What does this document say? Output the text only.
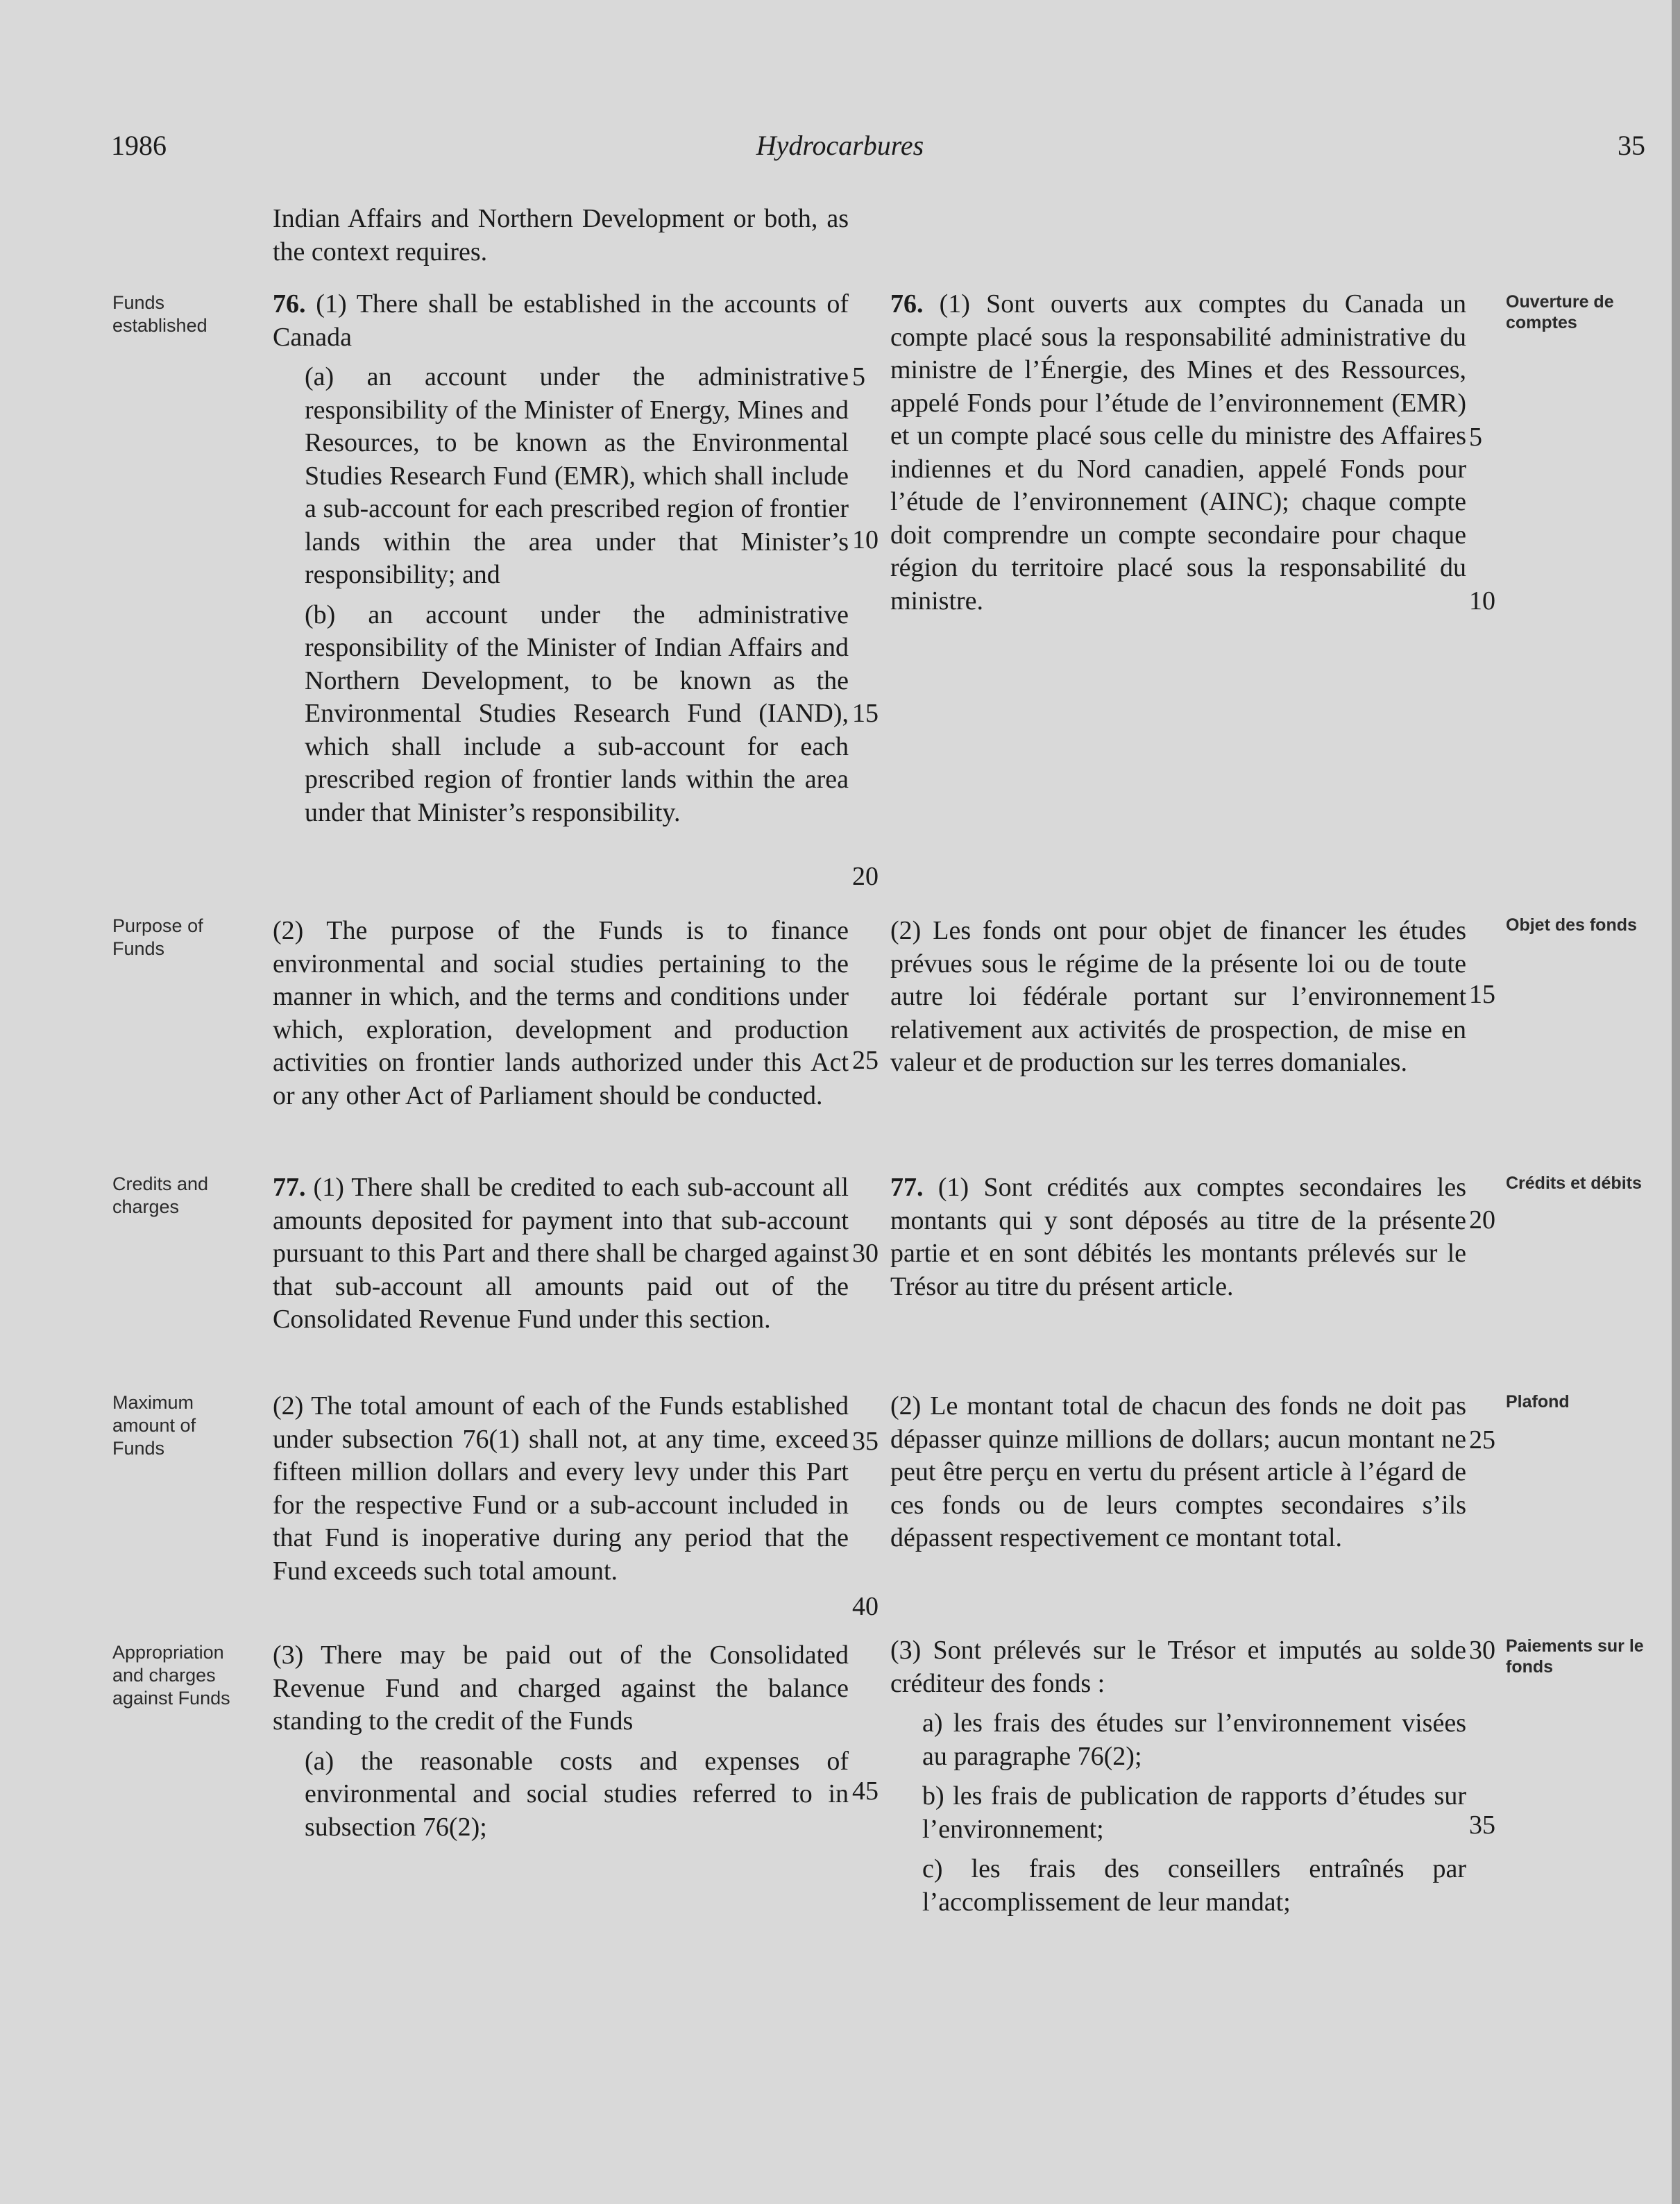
Hydrocarbures
1986	35
Funds established
Purpose of Funds
Credits and charges
Maximum amount of Funds
Appropriation and charges against Funds
Ouverture de comptes
Objet des fonds
Crédits et débits
Plafond
Paiements sur le fonds

Indian Affairs and Northern Development or both, as the context requires.

76. (1) There shall be established in the accounts of Canada

(a) an account under the administrative responsibility of the Minister of Energy, Mines and Resources, to be known as the Environmental Studies Research Fund (EMR), which shall include a sub-account for each prescribed region of frontier lands within the area under that Minister’s responsibility; and

(b) an account under the administrative responsibility of the Minister of Indian Affairs and Northern Development, to be known as the Environmental Studies Research Fund (IAND), which shall include a sub-account for each prescribed region of frontier lands within the area under that Minister’s responsibility.

(2) The purpose of the Funds is to finance environmental and social studies pertaining to the manner in which, and the terms and conditions under which, exploration, development and production activities on frontier lands authorized under this Act or any other Act of Parliament should be conducted.

77. (1) There shall be credited to each sub-account all amounts deposited for payment into that sub-account pursuant to this Part and there shall be charged against that sub-account all amounts paid out of the Consolidated Revenue Fund under this section.

(2) The total amount of each of the Funds established under subsection 76(1) shall not, at any time, exceed fifteen million dollars and every levy under this Part for the respective Fund or a sub-account included in that Fund is inoperative during any period that the Fund exceeds such total amount.

(3) There may be paid out of the Consolidated Revenue Fund and charged against the balance standing to the credit of the Funds

(a) the reasonable costs and expenses of environmental and social studies referred to in subsection 76(2);

76. (1) Sont ouverts aux comptes du Canada un compte placé sous la responsabilité administrative du ministre de l’Énergie, des Mines et des Ressources, appelé Fonds pour l’étude de l’environnement (EMR) et un compte placé sous celle du ministre des Affaires indiennes et du Nord canadien, appelé Fonds pour l’étude de l’environnement (AINC); chaque compte doit comprendre un compte secondaire pour chaque région du territoire placé sous la responsabilité du ministre.

(2) Les fonds ont pour objet de financer les études prévues sous le régime de la présente loi ou de toute autre loi fédérale portant sur l’environnement relativement aux activités de prospection, de mise en valeur et de production sur les terres domaniales.

77. (1) Sont crédités aux comptes secondaires les montants qui y sont déposés au titre de la présente partie et en sont débités les montants prélevés sur le Trésor au titre du présent article.

(2) Le montant total de chacun des fonds ne doit pas dépasser quinze millions de dollars; aucun montant ne peut être perçu en vertu du présent article à l’égard de ces fonds ou de leurs comptes secondaires s’ils dépassent respectivement ce montant total.

(3) Sont prélevés sur le Trésor et imputés au solde créditeur des fonds :

a) les frais des études sur l’environnement visées au paragraphe 76(2);

b) les frais de publication de rapports d’études sur l’environnement;

c) les frais des conseillers entraînés par l’accomplissement de leur mandat;

5
10
15
20
25
30
35
40
45
5
10
15
20
25
30
35
